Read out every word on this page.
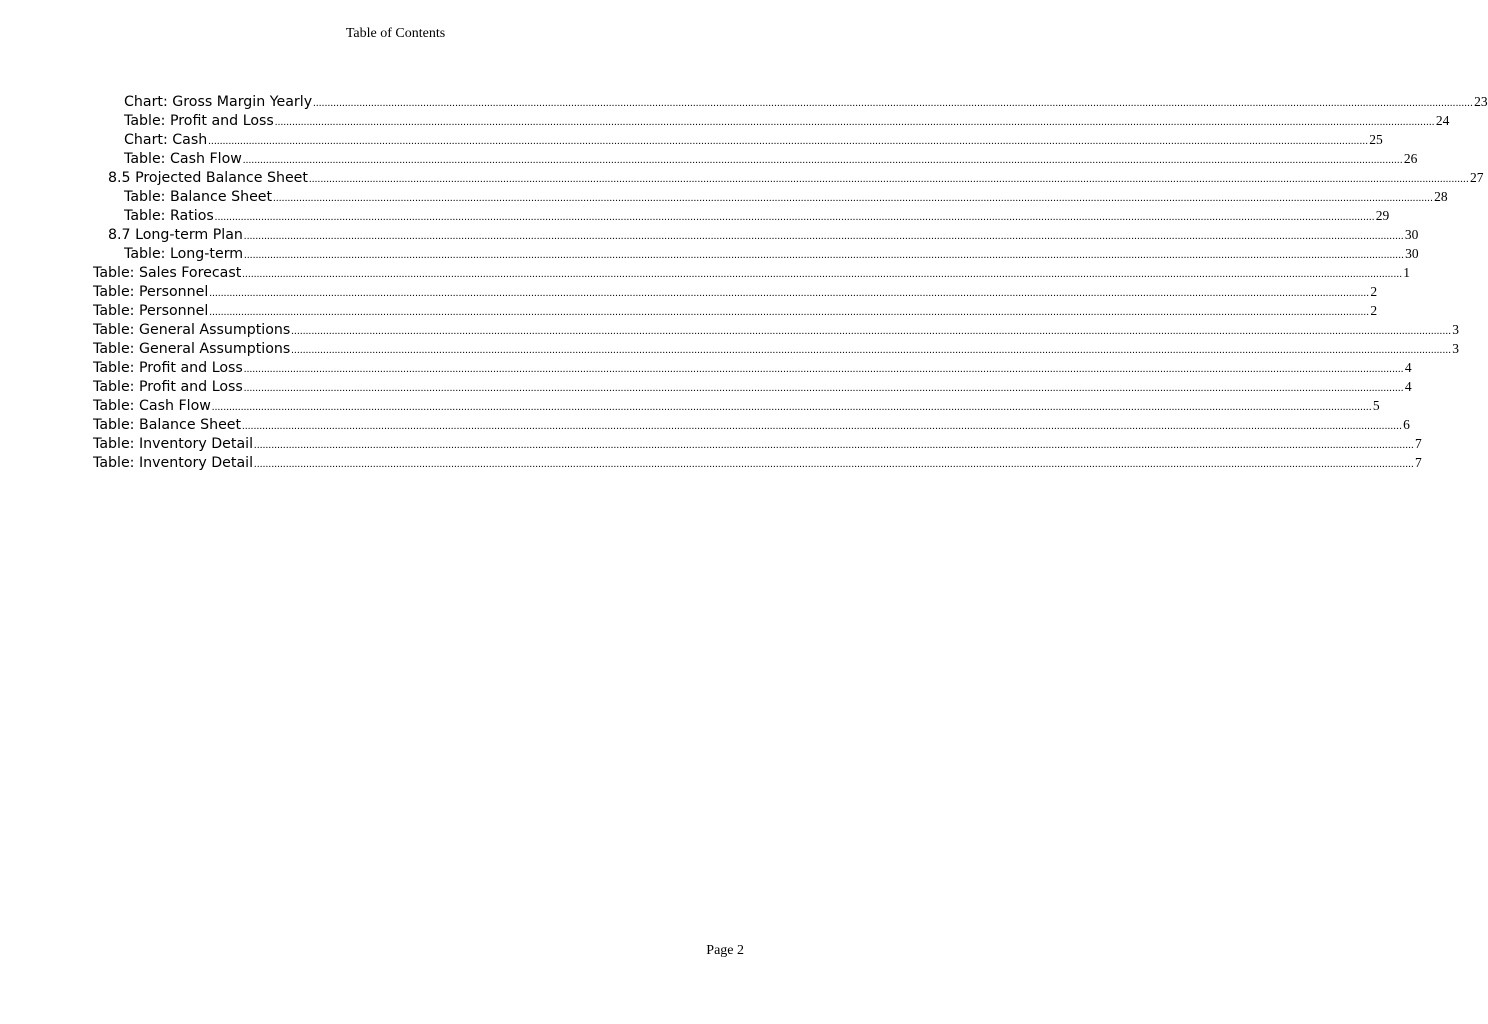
Table of Contents
Chart: Gross Margin Yearly ................................................................................................................................................................................................................................................................................................................................................................................................................ 23
Table: Profit and Loss ................................................................................................................................................................................................................................................................................................................................................................................................................ 24
Chart: Cash ................................................................................................................................................................................................................................................................................................................................................................................................................ 25
Table: Cash Flow ................................................................................................................................................................................................................................................................................................................................................................................................................ 26
8.5 Projected Balance Sheet ................................................................................................................................................................................................................................................................................................................................................................................................................ 27
Table: Balance Sheet ................................................................................................................................................................................................................................................................................................................................................................................................................ 28
Table: Ratios ................................................................................................................................................................................................................................................................................................................................................................................................................ 29
8.7 Long-term Plan ................................................................................................................................................................................................................................................................................................................................................................................................................ 30
Table: Long-term ................................................................................................................................................................................................................................................................................................................................................................................................................ 30
Table: Sales Forecast ................................................................................................................................................................................................................................................................................................................................................................................................................ 1
Table: Personnel ................................................................................................................................................................................................................................................................................................................................................................................................................ 2
Table: Personnel ................................................................................................................................................................................................................................................................................................................................................................................................................ 2
Table: General Assumptions ................................................................................................................................................................................................................................................................................................................................................................................................................ 3
Table: General Assumptions ................................................................................................................................................................................................................................................................................................................................................................................................................ 3
Table: Profit and Loss ................................................................................................................................................................................................................................................................................................................................................................................................................ 4
Table: Profit and Loss ................................................................................................................................................................................................................................................................................................................................................................................................................ 4
Table: Cash Flow ................................................................................................................................................................................................................................................................................................................................................................................................................ 5
Table: Balance Sheet ................................................................................................................................................................................................................................................................................................................................................................................................................ 6
Table: Inventory Detail ................................................................................................................................................................................................................................................................................................................................................................................................................ 7
Table: Inventory Detail ................................................................................................................................................................................................................................................................................................................................................................................................................ 7
Page 2
